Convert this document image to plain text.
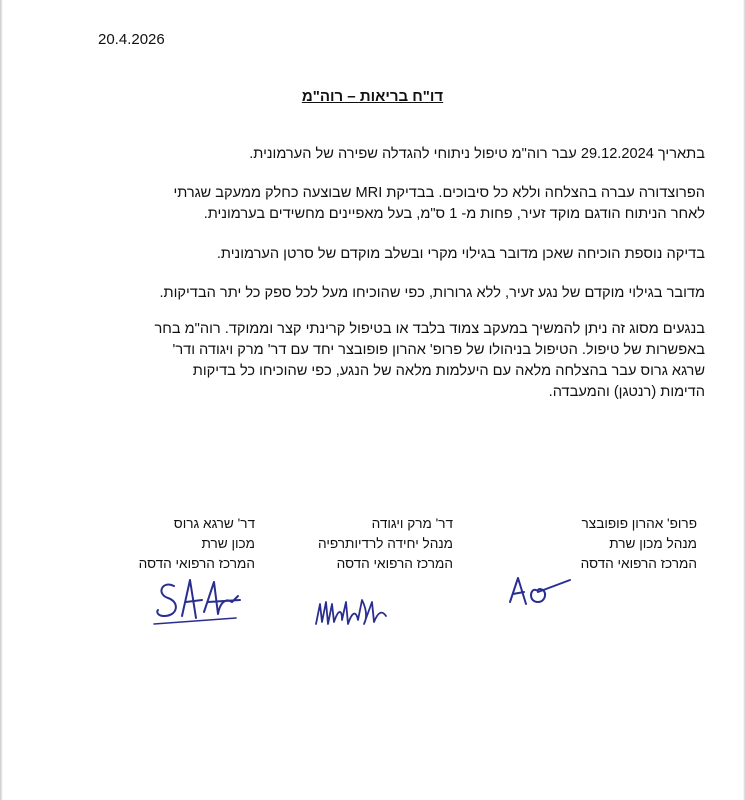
20.4.2026
דו"ח בריאות – רוה"מ
בתאריך 29.12.2024 עבר רוה"מ טיפול ניתוחי להגדלה שפירה של הערמונית.
הפרוצדורה עברה בהצלחה וללא כל סיבוכים. בבדיקת MRI שבוצעה כחלק ממעקב שגרתי
לאחר הניתוח הודגם מוקד זעיר, פחות מ- 1 ס"מ, בעל מאפיינים מחשידים בערמונית.
בדיקה נוספת הוכיחה שאכן מדובר בגילוי מקרי ובשלב מוקדם של סרטן הערמונית.
מדובר בגילוי מוקדם של נגע זעיר, ללא גרורות, כפי שהוכיחו מעל לכל ספק כל יתר הבדיקות.
בנגעים מסוג זה ניתן להמשיך במעקב צמוד בלבד או בטיפול קרינתי קצר וממוקד. רוה"מ בחר
באפשרות של טיפול. הטיפול בניהולו של פרופ' אהרון פופובצר יחד עם דר' מרק ויגודה ודר'
שרגא גרוס עבר בהצלחה מלאה עם היעלמות מלאה של הנגע, כפי שהוכיחו כל בדיקות
הדימות (רנטגן) והמעבדה.
פרופ' אהרון פופובצר
מנהל מכון שרת
המרכז הרפואי הדסה
דר' מרק ויגודה
מנהל יחידה לרדיותרפיה
המרכז הרפואי הדסה
דר' שרגא גרוס
מכון שרת
המרכז הרפואי הדסה
